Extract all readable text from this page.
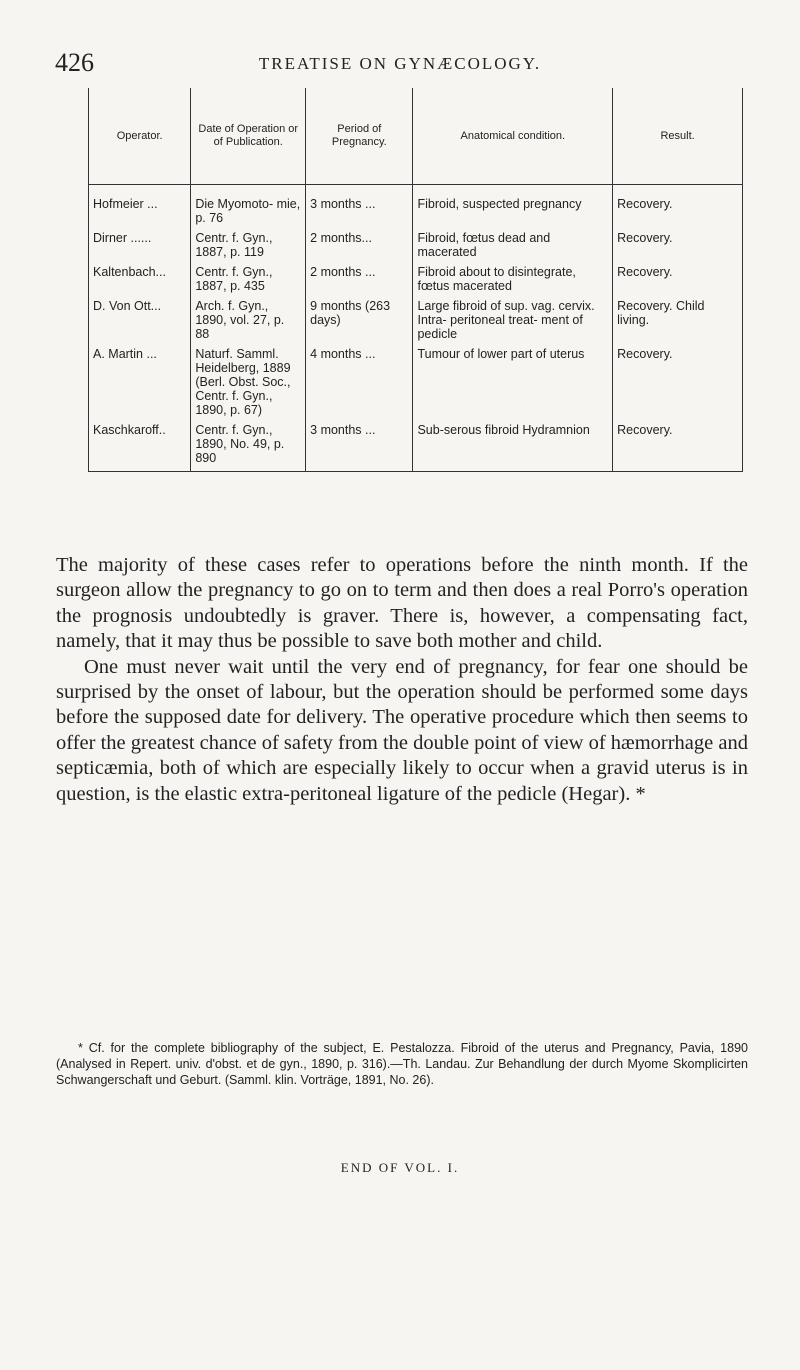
426	TREATISE ON GYNÆCOLOGY.
Operator.	Date of Operation or of Publication.	Period of Pregnancy.	Anatomical condition.	Result.
Hofmeier ...	Die Myomoto- mie, p. 76	3 months ...	Fibroid, suspected pregnancy	Recovery.
Dirner ......	Centr. f. Gyn., 1887, p. 119	2 months...	Fibroid, fœtus dead and macerated	Recovery.
Kaltenbach...	Centr. f. Gyn., 1887, p. 435	2 months ...	Fibroid about to disintegrate, fœtus macerated	Recovery.
D. Von Ott...	Arch. f. Gyn., 1890, vol. 27, p. 88	9 months (263 days)	Large fibroid of sup. vag. cervix. Intra- peritoneal treat- ment of pedicle	Recovery. Child living.
A. Martin ...	Naturf. Samml. Heidelberg, 1889 (Berl. Obst. Soc., Centr. f. Gyn., 1890, p. 67)	4 months ...	Tumour of lower part of uterus	Recovery.
Kaschkaroff..	Centr. f. Gyn., 1890, No. 49, p. 890	3 months ...	Sub-serous fibroid Hydramnion	Recovery.

The majority of these cases refer to operations before the ninth month. If the surgeon allow the pregnancy to go on to term and then does a real Porro's operation the prognosis undoubtedly is graver. There is, however, a compensating fact, namely, that it may thus be possible to save both mother and child.

One must never wait until the very end of pregnancy, for fear one should be surprised by the onset of labour, but the operation should be performed some days before the supposed date for delivery. The operative procedure which then seems to offer the greatest chance of safety from the double point of view of hæmorrhage and septicæmia, both of which are especially likely to occur when a gravid uterus is in question, is the elastic extra-peritoneal ligature of the pedicle (Hegar). *

* Cf. for the complete bibliography of the subject, E. Pestalozza. Fibroid of the uterus and Pregnancy, Pavia, 1890 (Analysed in Repert. univ. d'obst. et de gyn., 1890, p. 316).—Th. Landau. Zur Behandlung der durch Myome Skomplicirten Schwangerschaft und Geburt. (Samml. klin. Vorträge, 1891, No. 26).

END OF VOL. I.
